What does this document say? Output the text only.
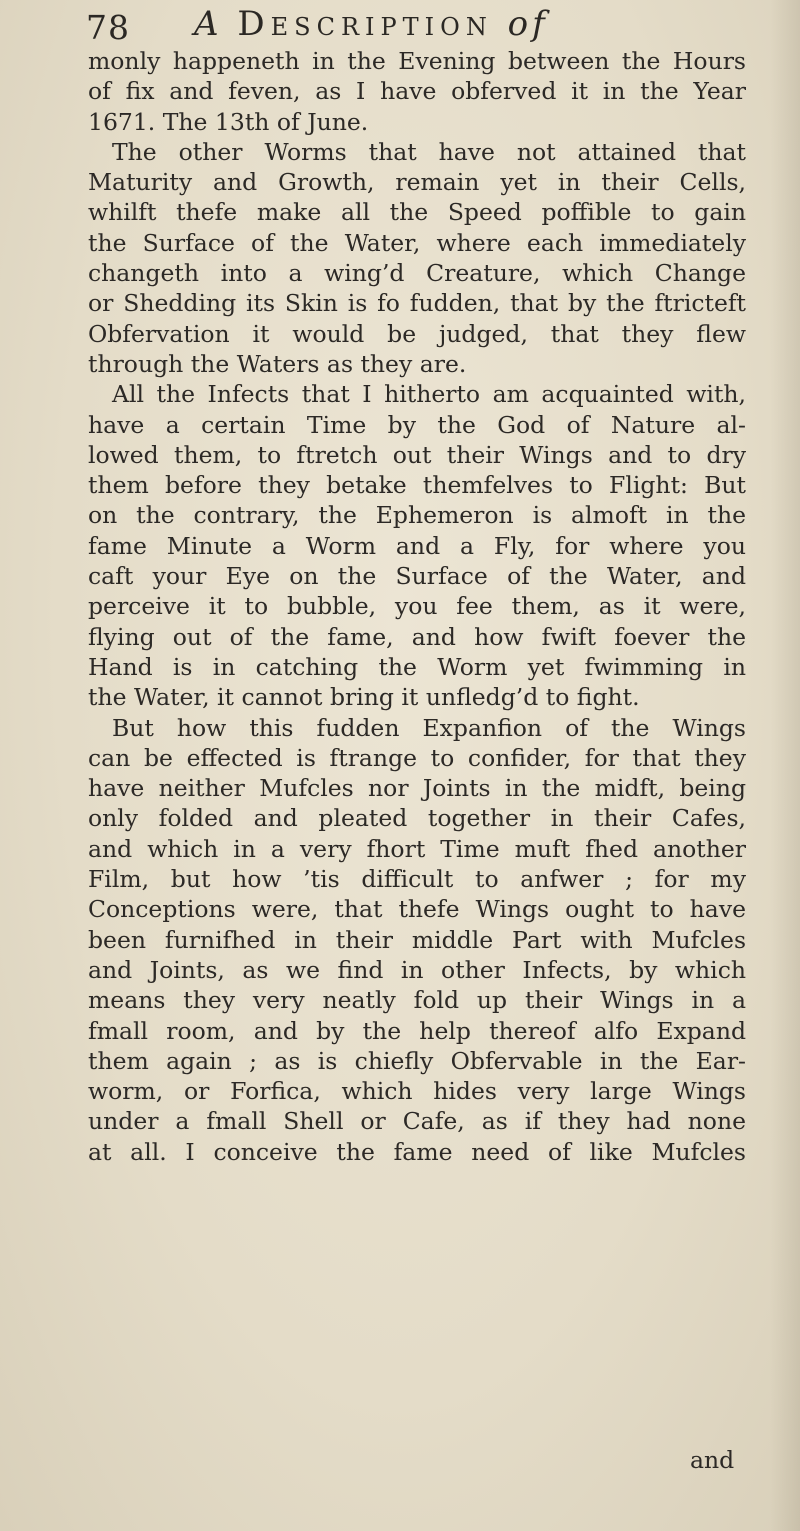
78 A Description of
monly happeneth in the Evening between the Hours
of fix and feven, as I have obferved it in the Year
1671. The 13th of June.
The other Worms that have not attained that
Maturity and Growth, remain yet in their Cells,
whilft thefe make all the Speed poffible to gain
the Surface of the Water, where each immediately
changeth into a wing’d Creature, which Change
or Shedding its Skin is fo fudden, that by the ftricteft
Obfervation it would be judged, that they flew
through the Waters as they are.
All the Infects that I hitherto am acquainted with,
have a certain Time by the God of Nature al-
lowed them, to ftretch out their Wings and to dry
them before they betake themfelves to Flight: But
on the contrary, the Ephemeron is almoft in the
fame Minute a Worm and a Fly, for where you
caft your Eye on the Surface of the Water, and
perceive it to bubble, you fee them, as it were,
flying out of the fame, and how fwift foever the
Hand is in catching the Worm yet fwimming in
the Water, it cannot bring it unfledg’d to fight.
But how this fudden Expanfion of the Wings
can be effected is ftrange to confider, for that they
have neither Mufcles nor Joints in the midft, being
only folded and pleated together in their Cafes,
and which in a very fhort Time muft fhed another
Film, but how ’tis difficult to anfwer ; for my
Conceptions were, that thefe Wings ought to have
been furnifhed in their middle Part with Mufcles
and Joints, as we find in other Infects, by which
means they very neatly fold up their Wings in a
fmall room, and by the help thereof alfo Expand
them again ; as is chiefly Obfervable in the Ear-
worm, or Forfica, which hides very large Wings
under a fmall Shell or Cafe, as if they had none
at all. I conceive the fame need of like Mufcles
and
